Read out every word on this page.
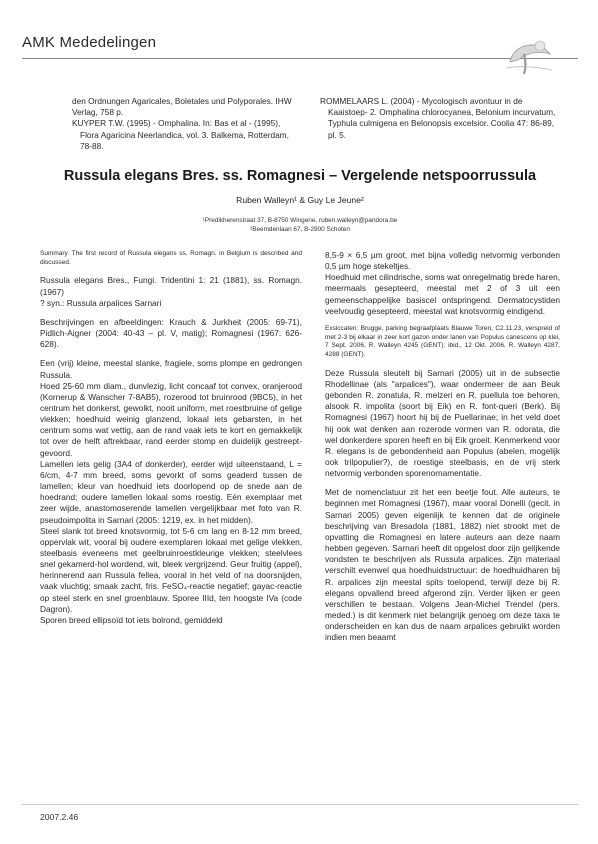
AMK Mededelingen

den Ordnungen Agaricales, Boletales und Polyporales. IHW Verlag, 758 p.

KUYPER T.W. (1995) - Omphalina. In: Bas et al - (1995), Flora Agaricina Neerlandica, vol. 3. Balkema, Rotterdam, 78-88.

ROMMELAARS L. (2004) - Mycologisch avontuur in de Kaaistoep- 2. Omphalina chlorocyanea, Belonium incurvatum, Typhula culmigena en Belonopsis excelsior. Coolia 47: 86-89, pl. 5.

Russula elegans Bres. ss. Romagnesi – Vergelende netspoorrussula
Ruben Walleyn¹ & Guy Le Jeune²
¹Predikherenstraat 37, B-8750 Wingene, ruben.walleyn@pandora.be
²Beemdenlaan 67, B-2900 Schoten

Summary. The first record of Russula elegans ss. Romagn. in Belgium is described and discussed.

Russula elegans Bres., Fungi. Tridentini 1: 21 (1881), ss. Romagn. (1967)

? syn.: Russula arpalices Sarnari

Beschrijvingen en afbeeldingen: Krauch & Jurkheit (2005: 69-71), Pidlich-Aigner (2004: 40-43 – pl. V, matig); Romagnesi (1967: 626-628).

Een (vrij) kleine, meestal slanke, fragiele, soms plompe en gedrongen Russula.

Hoed 25-60 mm diam., dunvlezig, licht concaaf tot convex, oranjerood (Kornerup & Wanscher 7-8AB5), rozerood tot bruinrood (9BC5), in het centrum het donkerst, gewolkt, nooit uniform, met roestbruine of gelige vlekken; hoedhuid weinig glanzend, lokaal iets gebarsten, in het centrum soms wat vettig, aan de rand vaak iets te kort en gemakkelijk tot over de helft aftrekbaar, rand eerder stomp en duidelijk gestreept-gevoord.

Lamellen iets gelig (3A4 of donkerder), eerder wijd uiteenstaand, L = 6/cm, 4-7 mm breed, soms gevorkt of soms geaderd tussen de lamellen; kleur van hoedhuid iets doorlopend op de snede aan de hoedrand; oudere lamellen lokaal soms roestig. Eén exemplaar met zeer wijde, anastomoserende lamellen vergelijkbaar met foto van R. pseudoimpolita in Sarnari (2005: 1219, ex. in het midden).

Steel slank tot breed knotsvormig, tot 5-6 cm lang en 8-12 mm breed, oppervlak wit, vooral bij oudere exemplaren lokaal met gelige vlekken, steelbasis eveneens met geelbruinroestkleurige vlekken; steelvlees snel gekamerd-hol wordend, wit, bleek vergrijzend. Geur fruitig (appel), herinnerend aan Russula fellea, vooral in het veld of na doorsnijden, vaak vluchtig; smaak zacht, fris. FeSO₄-reactie negatief; gayac-reactie op steel sterk en snel groenblauw. Sporee IIId, ten hoogste IVa (code Dagron).

Sporen breed ellipsoïd tot iets bolrond, gemiddeld

8,5-9 × 6,5 µm groot, met bijna volledig netvormig verbonden 0,5 µm hoge stekeltjes.

Hoedhuid met cilindrische, soms wat onregelmatig brede haren, meermaals gesepteerd, meestal met 2 of 3 uit een gemeenschappelijke basiscel ontspringend. Dermatocystiden veelvoudig gesepteerd, meestal wat knotsvormig eindigend.

Exsiccaten: Brugge, parking begraafplaats Blauwe Toren, C2.11.23, verspreid of met 2-3 bij elkaar in zeer kort gazon onder lanen van Populus canescens op klei, 7 Sept. 2006, R. Walleyn 4245 (GENT); ibid., 12 Okt. 2006, R. Walleyn 4287, 4288 (GENT).

Deze Russula sleutelt bij Sarnari (2005) uit in de subsectie Rhodellinae (als "arpalices"), waar ondermeer de aan Beuk gebonden R. zonatula, R. melzeri en R. puellula toe behoren, alsook R. impolita (soort bij Eik) en R. font-queri (Berk). Bij Romagnesi (1967) hoort hij bij de Puellarinae; in het veld doet hij ook wat denken aan rozerode vormen van R. odorata, die wel donkerdere sporen heeft en bij Eik groeit. Kenmerkend voor R. elegans is de gebondenheid aan Populus (abelen, mogelijk ook trilpopulier?), de roestige steelbasis, en de vrij sterk netvormig verbonden sporenornamentatie.

Met de nomenclatuur zit het een beetje fout. Alle auteurs, te beginnen met Romagnesi (1967), maar vooral Donelli (gecit. in Sarnari 2005) geven eigenlijk te kennen dat de originele beschrijving van Bresadola (1881, 1882) niet strookt met de opvatting die Romagnesi en latere auteurs aan deze naam hebben gegeven. Sarnari heeft dit opgelost door zijn gelijkende vondsten te beschrijven als Russula arpalices. Zijn materiaal verschilt evenwel qua hoedhuidstructuur: de hoedhuidharen bij R. arpalices zijn meestal spits toelopend, terwijl deze bij R. elegans opvallend breed afgerond zijn. Verder lijken er geen verschillen te bestaan. Volgens Jean-Michel Trendel (pers. meded.) is dit kenmerk niet belangrijk genoeg om deze taxa te onderscheiden en kan dus de naam arpalices gebruikt worden indien men beaamt

2007.2.46
